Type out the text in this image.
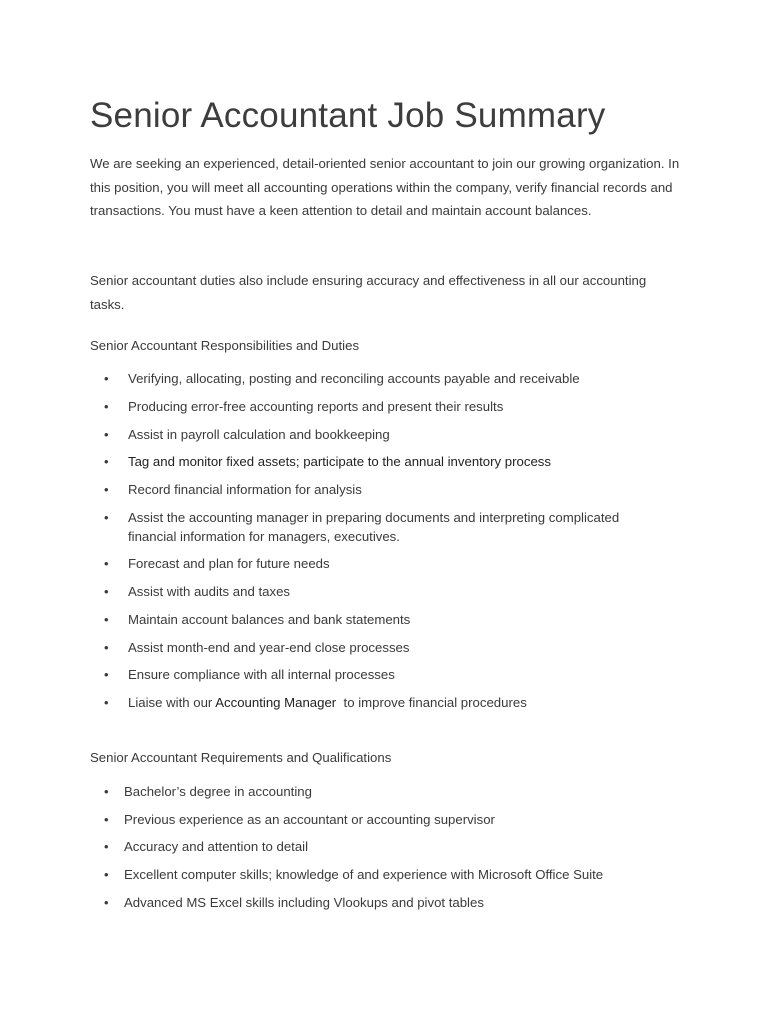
Senior Accountant Job Summary

We are seeking an experienced, detail-oriented senior accountant to join our growing organization. In this position, you will meet all accounting operations within the company, verify financial records and transactions. You must have a keen attention to detail and maintain account balances.

Senior accountant duties also include ensuring accuracy and effectiveness in all our accounting tasks.

Senior Accountant Responsibilities and Duties
• Verifying, allocating, posting and reconciling accounts payable and receivable
• Producing error-free accounting reports and present their results
• Assist in payroll calculation and bookkeeping
• Tag and monitor fixed assets; participate to the annual inventory process
• Record financial information for analysis
• Assist the accounting manager in preparing documents and interpreting complicated
financial information for managers, executives.
• Forecast and plan for future needs
• Assist with audits and taxes
• Maintain account balances and bank statements
• Assist month-end and year-end close processes
• Ensure compliance with all internal processes
• Liaise with our Accounting Manager  to improve financial procedures
Senior Accountant Requirements and Qualifications
• Bachelor’s degree in accounting
• Previous experience as an accountant or accounting supervisor
• Accuracy and attention to detail
• Excellent computer skills; knowledge of and experience with Microsoft Office Suite
• Advanced MS Excel skills including Vlookups and pivot tables
